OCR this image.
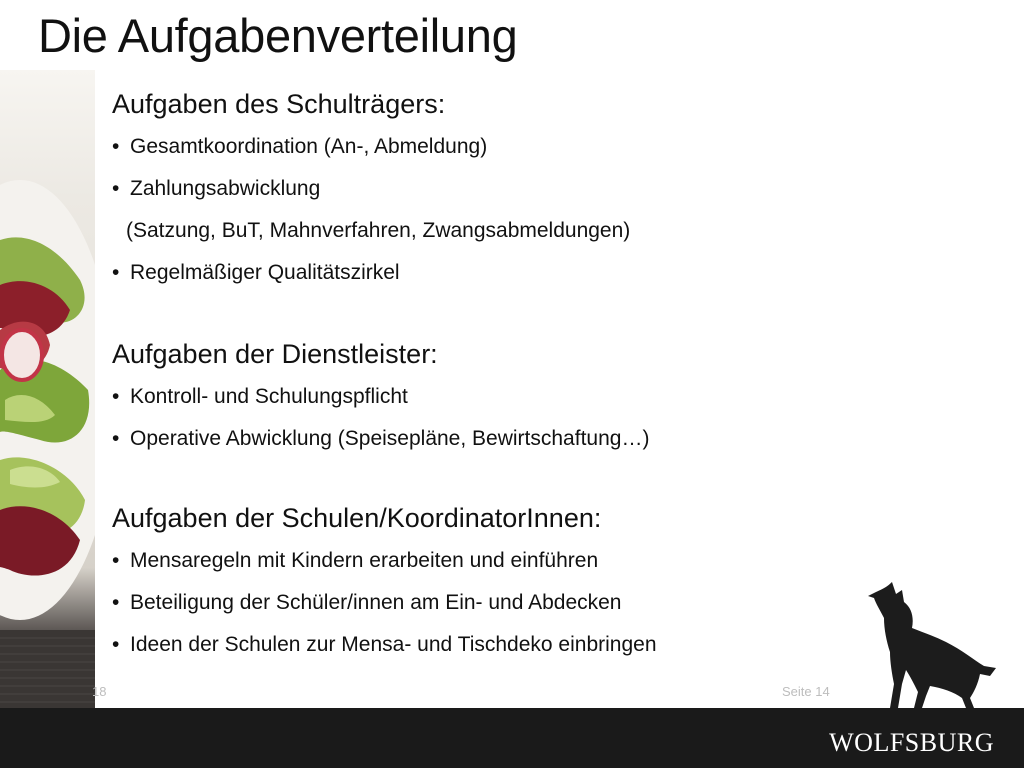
Die Aufgabenverteilung

Aufgaben des Schulträgers:

• Gesamtkoordination (An-, Abmeldung)
• Zahlungsabwicklung
(Satzung, BuT, Mahnverfahren, Zwangsabmeldungen)
• Regelmäßiger Qualitätszirkel

Aufgaben der Dienstleister:

• Kontroll- und Schulungspflicht
• Operative Abwicklung (Speisepläne, Bewirtschaftung…)

Aufgaben der Schulen/KoordinatorInnen:

• Mensaregeln mit Kindern erarbeiten und einführen
• Beteiligung der Schüler/innen am Ein- und Abdecken
• Ideen der Schulen zur Mensa- und Tischdeko einbringen
18	Seite 14
WOLFSBURG
